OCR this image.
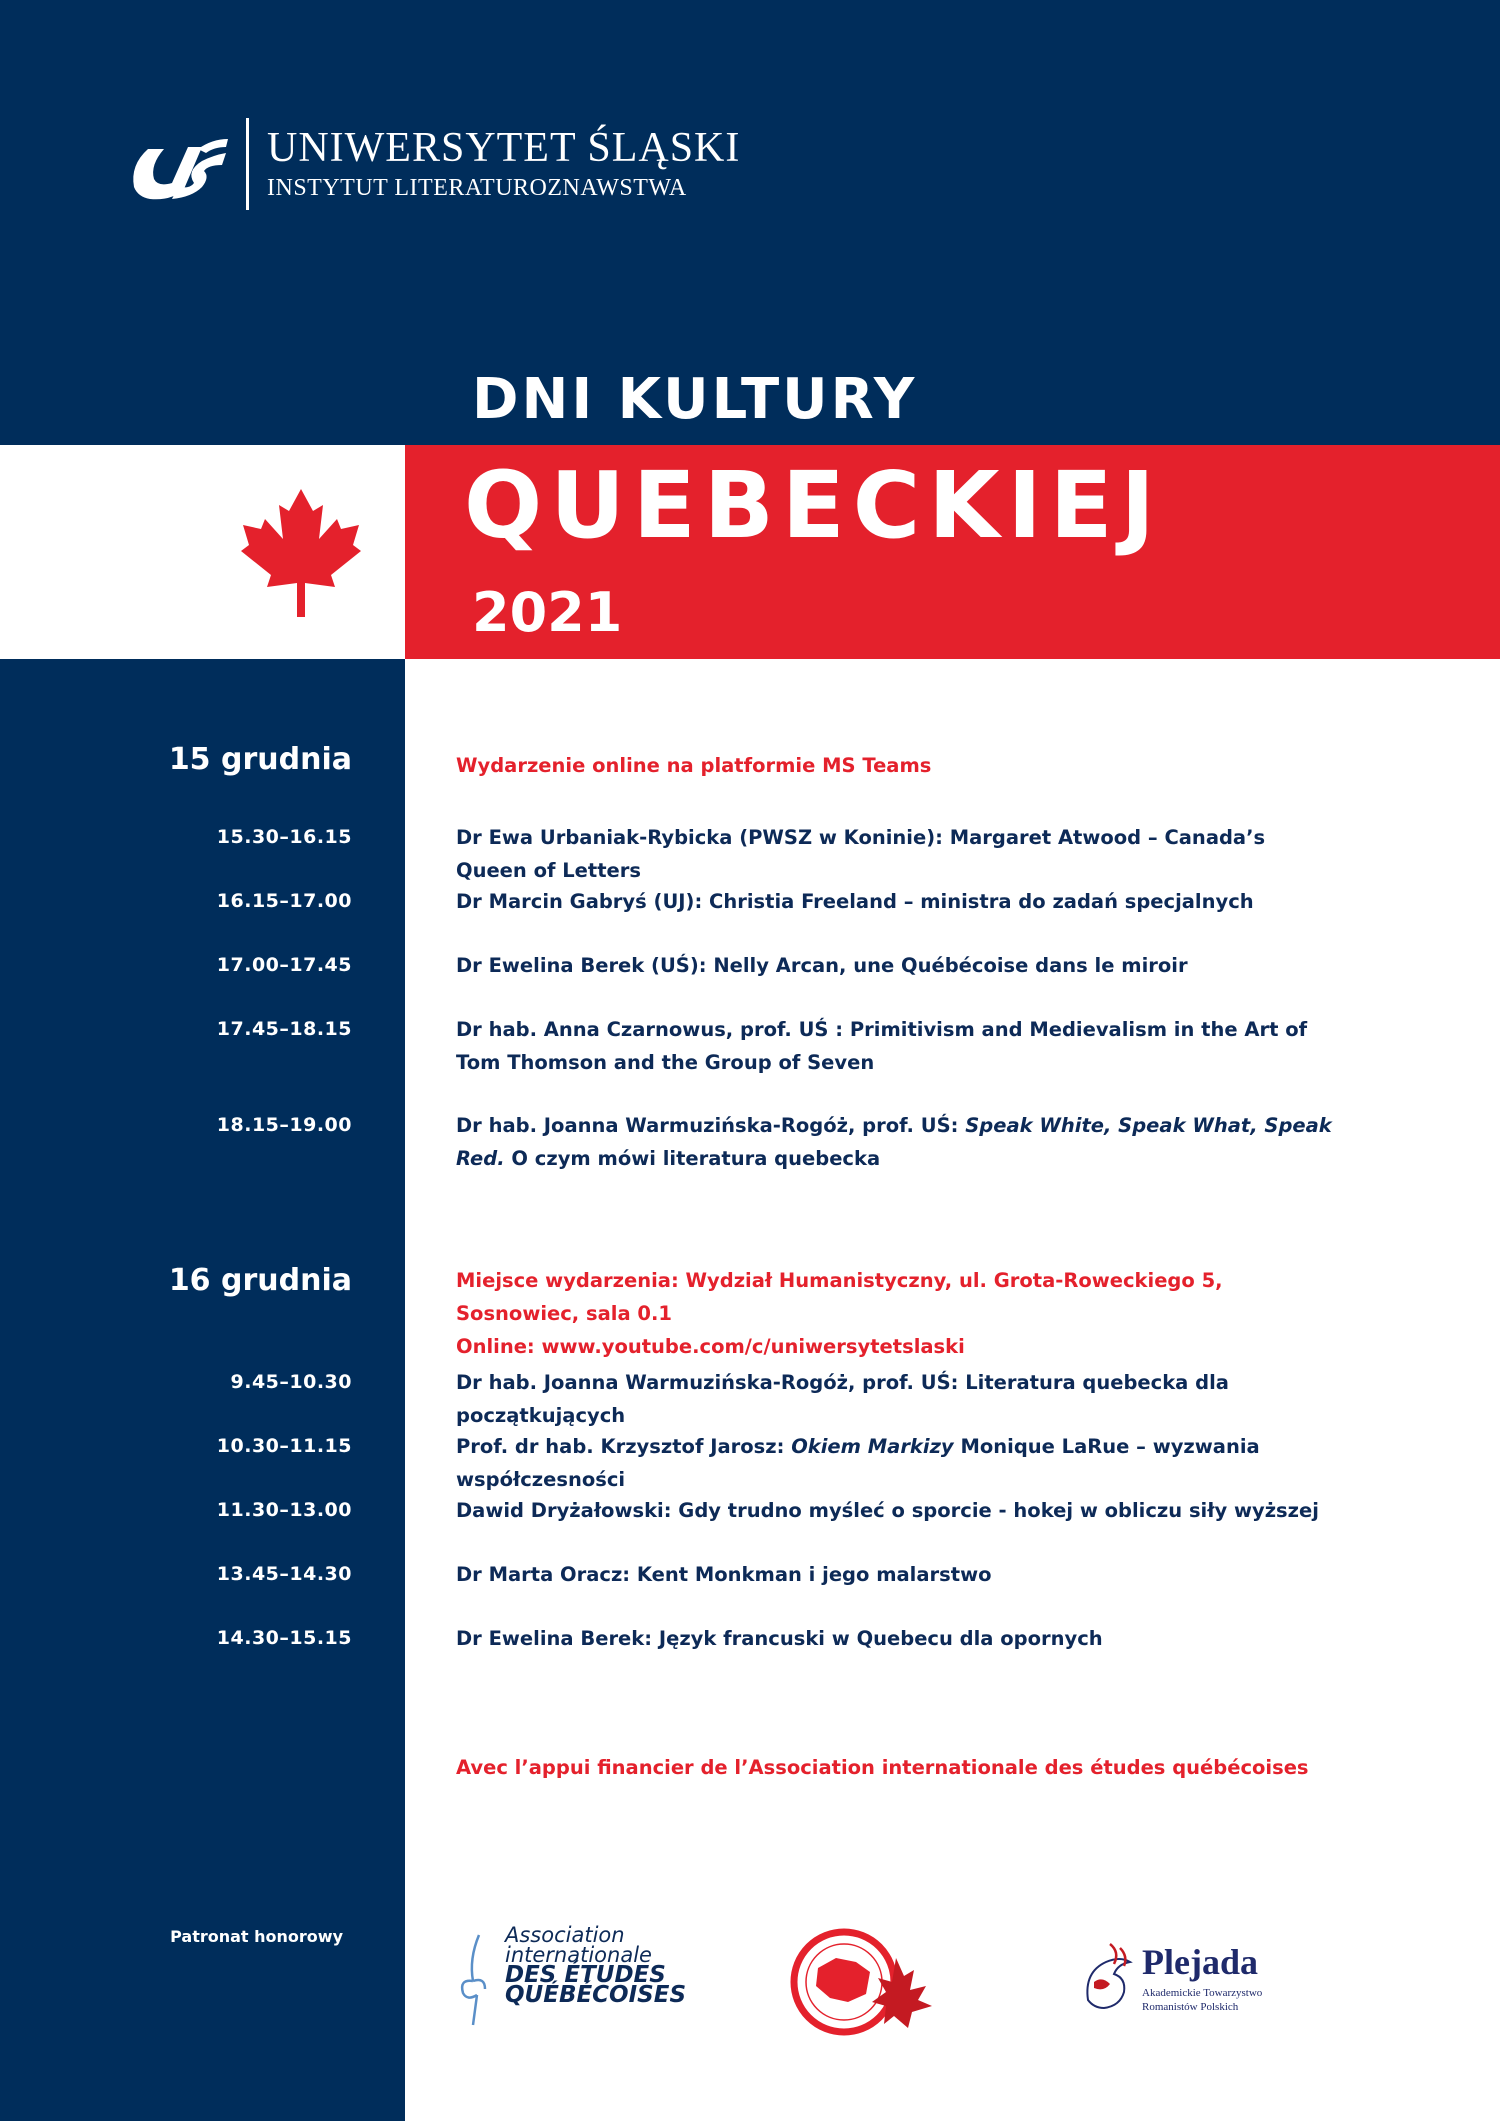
UNIWERSYTET ŚLĄSKI
INSTYTUT LITERATUROZNAWSTWA
DNI KULTURY
QUEBECKIEJ
2021
15 grudnia	Wydarzenie online na platformie MS Teams
15.30–16.15	Dr Ewa Urbaniak-Rybicka (PWSZ w Koninie): Margaret Atwood – Canada’s Queen of Letters
16.15–17.00	Dr Marcin Gabryś (UJ): Christia Freeland – ministra do zadań specjalnych
17.00–17.45	Dr Ewelina Berek (UŚ): Nelly Arcan, une Québécoise dans le miroir
17.45–18.15	Dr hab. Anna Czarnowus, prof. UŚ : Primitivism and Medievalism in the Art of Tom Thomson and the Group of Seven
18.15–19.00	Dr hab. Joanna Warmuzińska-Rogóż, prof. UŚ: Speak White, Speak What, Speak Red. O czym mówi literatura quebecka
16 grudnia	Miejsce wydarzenia: Wydział Humanistyczny, ul. Grota-Roweckiego 5, Sosnowiec, sala 0.1
Online: www.youtube.com/c/uniwersytetslaski
9.45–10.30	Dr hab. Joanna Warmuzińska-Rogóż, prof. UŚ: Literatura quebecka dla początkujących
10.30–11.15	Prof. dr hab. Krzysztof Jarosz: Okiem Markizy Monique LaRue – wyzwania współczesności
11.30–13.00	Dawid Dryżałowski: Gdy trudno myśleć o sporcie - hokej w obliczu siły wyższej
13.45–14.30	Dr Marta Oracz: Kent Monkman i jego malarstwo
14.30–15.15	Dr Ewelina Berek: Język francuski w Quebecu dla opornych
Avec l’appui financier de l’Association internationale des études québécoises
Patronat honorowy	Association
internationale
DES ÉTUDES
QUÉBÉCOISES
Plejada
Akademickie Towarzystwo
Romanistów Polskich
